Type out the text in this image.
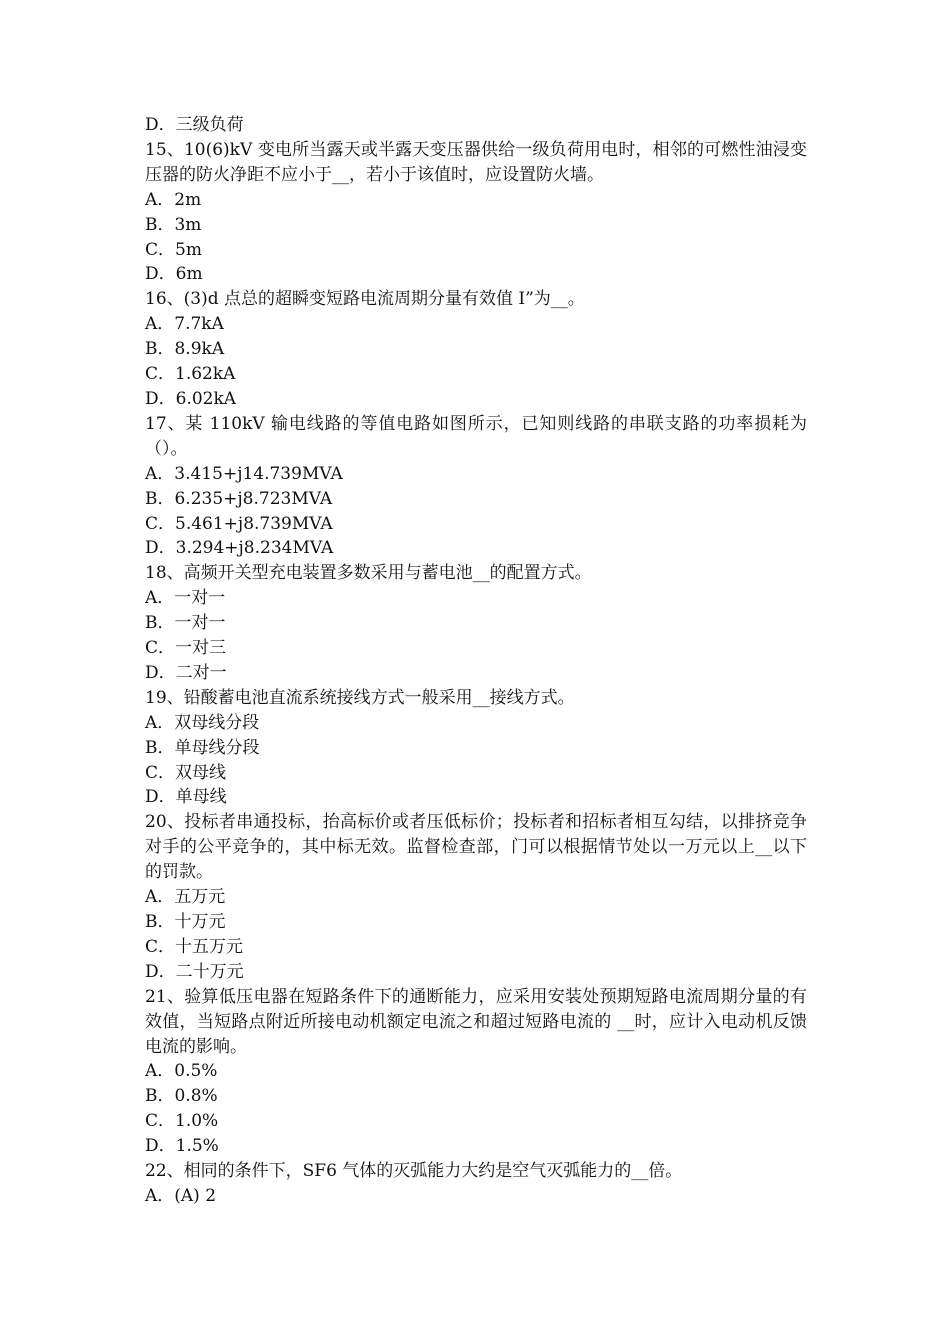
D．三级负荷
15、10(6)kV 变电所当露天或半露天变压器供给一级负荷用电时，相邻的可燃性油浸变压器的防火净距不应小于__，若小于该值时，应设置防火墙。
A．2m
B．3m
C．5m
D．6m
16、(3)d 点总的超瞬变短路电流周期分量有效值 I”为__。
A．7.7kA
B．8.9kA
C．1.62kA
D．6.02kA
17、某 110kV 输电线路的等值电路如图所示，已知则线路的串联支路的功率损耗为（）。
A．3.415+j14.739MVA
B．6.235+j8.723MVA
C．5.461+j8.739MVA
D．3.294+j8.234MVA
18、高频开关型充电装置多数采用与蓄电池__的配置方式。
A．一对一
B．一对一
C．一对三
D．二对一
19、铅酸蓄电池直流系统接线方式一般采用__接线方式。
A．双母线分段
B．单母线分段
C．双母线
D．单母线
20、投标者串通投标，抬高标价或者压低标价；投标者和招标者相互勾结，以排挤竞争对手的公平竞争的，其中标无效。监督检查部，门可以根据情节处以一万元以上__以下的罚款。
A．五万元
B．十万元
C．十五万元
D．二十万元
21、验算低压电器在短路条件下的通断能力，应采用安装处预期短路电流周期分量的有效值，当短路点附近所接电动机额定电流之和超过短路电流的 __时，应计入电动机反馈电流的影响。
A．0.5%
B．0.8%
C．1.0%
D．1.5%
22、相同的条件下，SF6 气体的灭弧能力大约是空气灭弧能力的__倍。
A．(A) 2
